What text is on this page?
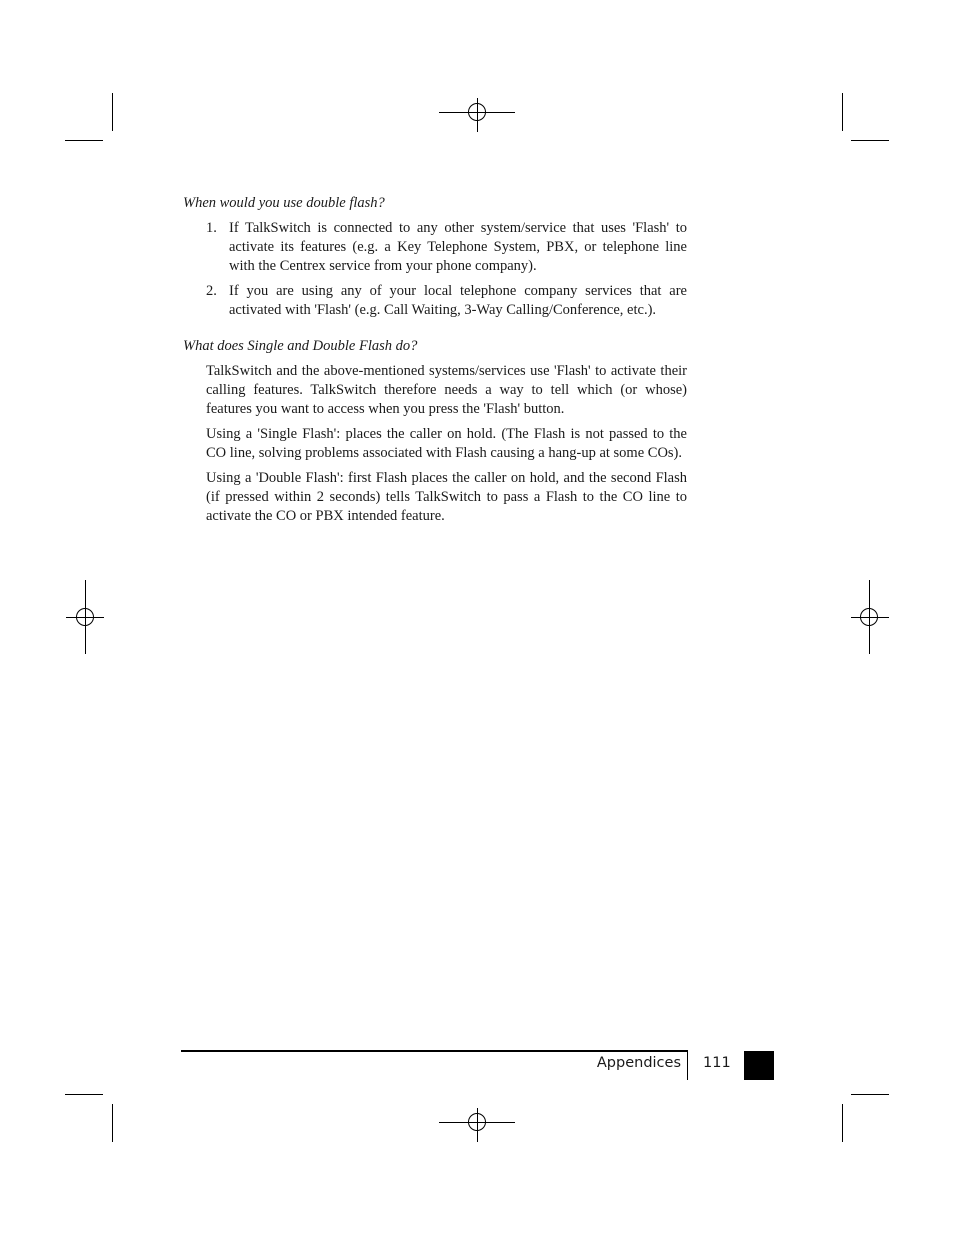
When would you use double flash?

1. If TalkSwitch is connected to any other system/service that uses 'Flash' to activate its features (e.g. a Key Telephone System, PBX, or telephone line with the Centrex service from your phone company).
2. If you are using any of your local telephone company services that are activated with 'Flash' (e.g. Call Waiting, 3-Way Calling/Conference, etc.).

What does Single and Double Flash do?

TalkSwitch and the above-mentioned systems/services use 'Flash' to activate their calling features. TalkSwitch therefore needs a way to tell which (or whose) features you want to access when you press the 'Flash' button.

Using a 'Single Flash': places the caller on hold. (The Flash is not passed to the CO line, solving problems associated with Flash causing a hang-up at some COs).

Using a 'Double Flash': first Flash places the caller on hold, and the second Flash (if pressed within 2 seconds) tells TalkSwitch to pass a Flash to the CO line to activate the CO or PBX intended feature.

Appendices 111
